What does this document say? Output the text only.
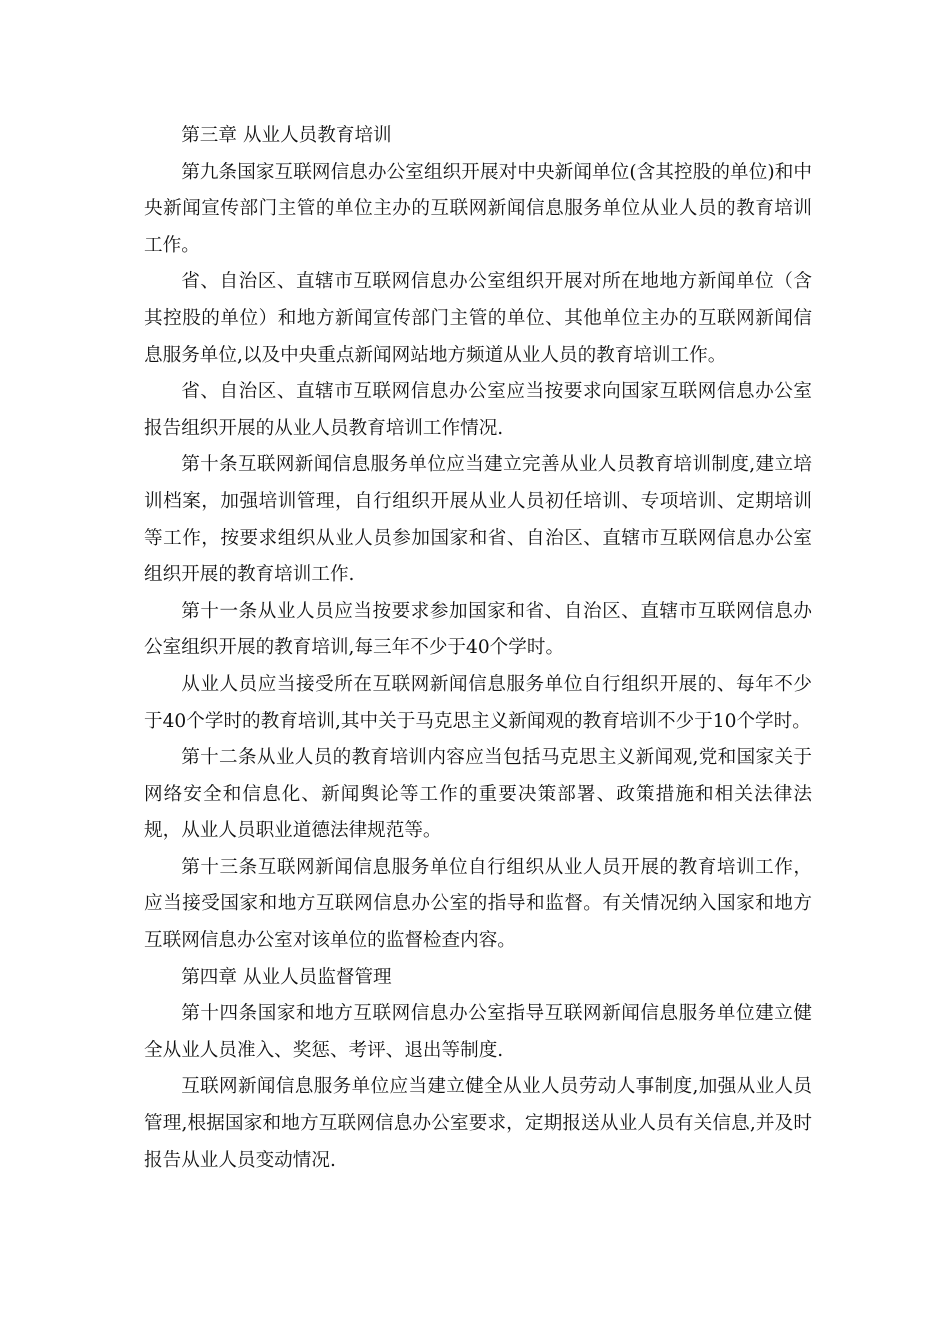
第三章 从业人员教育培训

第九条国家互联网信息办公室组织开展对中央新闻单位(含其控股的单位)和中央新闻宣传部门主管的单位主办的互联网新闻信息服务单位从业人员的教育培训工作。

省、自治区、直辖市互联网信息办公室组织开展对所在地地方新闻单位（含其控股的单位）和地方新闻宣传部门主管的单位、其他单位主办的互联网新闻信息服务单位,以及中央重点新闻网站地方频道从业人员的教育培训工作。

省、自治区、直辖市互联网信息办公室应当按要求向国家互联网信息办公室报告组织开展的从业人员教育培训工作情况.

第十条互联网新闻信息服务单位应当建立完善从业人员教育培训制度,建立培训档案，加强培训管理，自行组织开展从业人员初任培训、专项培训、定期培训等工作，按要求组织从业人员参加国家和省、自治区、直辖市互联网信息办公室组织开展的教育培训工作.

第十一条从业人员应当按要求参加国家和省、自治区、直辖市互联网信息办公室组织开展的教育培训,每三年不少于40个学时。

从业人员应当接受所在互联网新闻信息服务单位自行组织开展的、每年不少于40个学时的教育培训,其中关于马克思主义新闻观的教育培训不少于10个学时。

第十二条从业人员的教育培训内容应当包括马克思主义新闻观,党和国家关于网络安全和信息化、新闻舆论等工作的重要决策部署、政策措施和相关法律法规，从业人员职业道德法律规范等。

第十三条互联网新闻信息服务单位自行组织从业人员开展的教育培训工作，应当接受国家和地方互联网信息办公室的指导和监督。有关情况纳入国家和地方互联网信息办公室对该单位的监督检查内容。

第四章 从业人员监督管理

第十四条国家和地方互联网信息办公室指导互联网新闻信息服务单位建立健全从业人员准入、奖惩、考评、退出等制度.

互联网新闻信息服务单位应当建立健全从业人员劳动人事制度,加强从业人员管理,根据国家和地方互联网信息办公室要求，定期报送从业人员有关信息,并及时报告从业人员变动情况.
